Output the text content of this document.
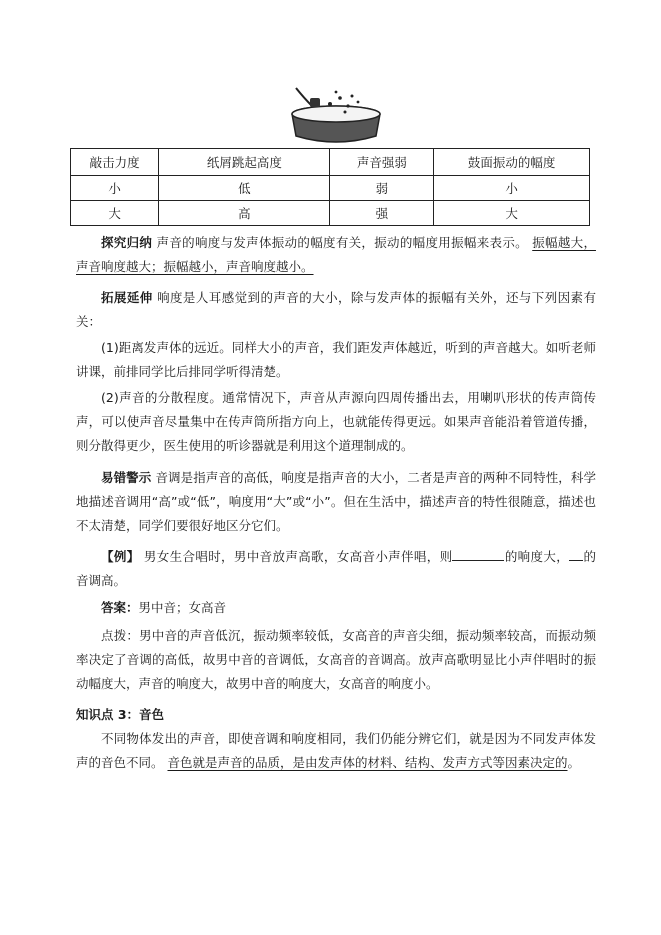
敲击力度	纸屑跳起高度	声音强弱	鼓面振动的幅度
小	低	弱	小
大	高	强	大
探究归纳 声音的响度与发声体振动的幅度有关，振动的幅度用振幅来表示。 振幅越大，声音响度越大；振幅越小，声音响度越小。
拓展延伸 响度是人耳感觉到的声音的大小，除与发声体的振幅有关外，还与下列因素有关：
(1)距离发声体的远近。同样大小的声音，我们距发声体越近，听到的声音越大。如听老师讲课，前排同学比后排同学听得清楚。
(2)声音的分散程度。通常情况下，声音从声源向四周传播出去，用喇叭形状的传声筒传声，可以使声音尽量集中在传声筒所指方向上，也就能传得更远。如果声音能沿着管道传播，则分散得更少，医生使用的听诊器就是利用这个道理制成的。
易错警示 音调是指声音的高低，响度是指声音的大小，二者是声音的两种不同特性，科学地描述音调用“高”或“低”，响度用“大”或“小”。但在生活中，描述声音的特性很随意，描述也不太清楚，同学们要很好地区分它们。
【例】 男女生合唱时，男中音放声高歌，女高音小声伴唱，则	的响度大， 的音调高。
答案：男中音；女高音
点拨：男中音的声音低沉，振动频率较低，女高音的声音尖细，振动频率较高，而振动频率决定了音调的高低，故男中音的音调低，女高音的音调高。放声高歌明显比小声伴唱时的振动幅度大，声音的响度大，故男中音的响度大，女高音的响度小。
知识点 3：音色
不同物体发出的声音，即使音调和响度相同，我们仍能分辨它们，就是因为不同发声体发声的音色不同。 音色就是声音的品质，是由发声体的材料、结构、发声方式等因素决定的。
